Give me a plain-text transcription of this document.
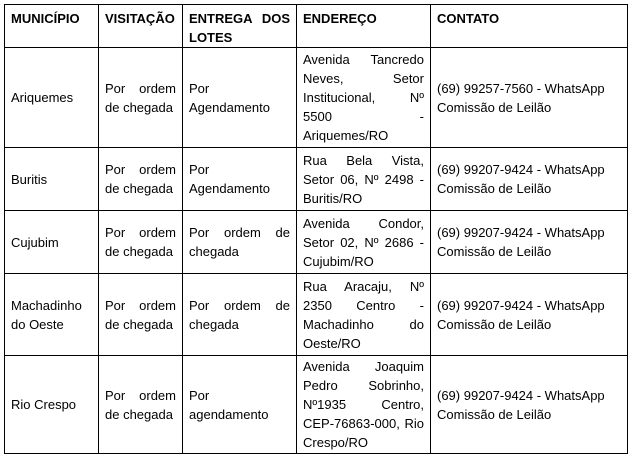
MUNICÍPIO	VISITAÇÃO	ENTREGA DOS LOTES	ENDEREÇO	CONTATO
Ariquemes	Por ordem de chegada	Por Agendamento	Avenida Tancredo Neves, Setor Institucional, Nº 5500 - Ariquemes/RO	(69) 99257-7560 - WhatsApp Comissão de Leilão
Buritis	Por ordem de chegada	Por Agendamento	Rua Bela Vista, Setor 06, Nº 2498 - Buritis/RO	(69) 99207-9424 - WhatsApp Comissão de Leilão
Cujubim	Por ordem de chegada	Por ordem de chegada	Avenida Condor, Setor 02, Nº 2686 - Cujubim/RO	(69) 99207-9424 - WhatsApp Comissão de Leilão
Machadinho do Oeste	Por ordem de chegada	Por ordem de chegada	Rua Aracaju, Nº 2350 Centro - Machadinho do Oeste/RO	(69) 99207-9424 - WhatsApp Comissão de Leilão
Rio Crespo	Por ordem de chegada	Por agendamento	Avenida Joaquim Pedro Sobrinho, Nº1935 Centro, CEP-76863-000, Rio Crespo/RO	(69) 99207-9424 - WhatsApp Comissão de Leilão
